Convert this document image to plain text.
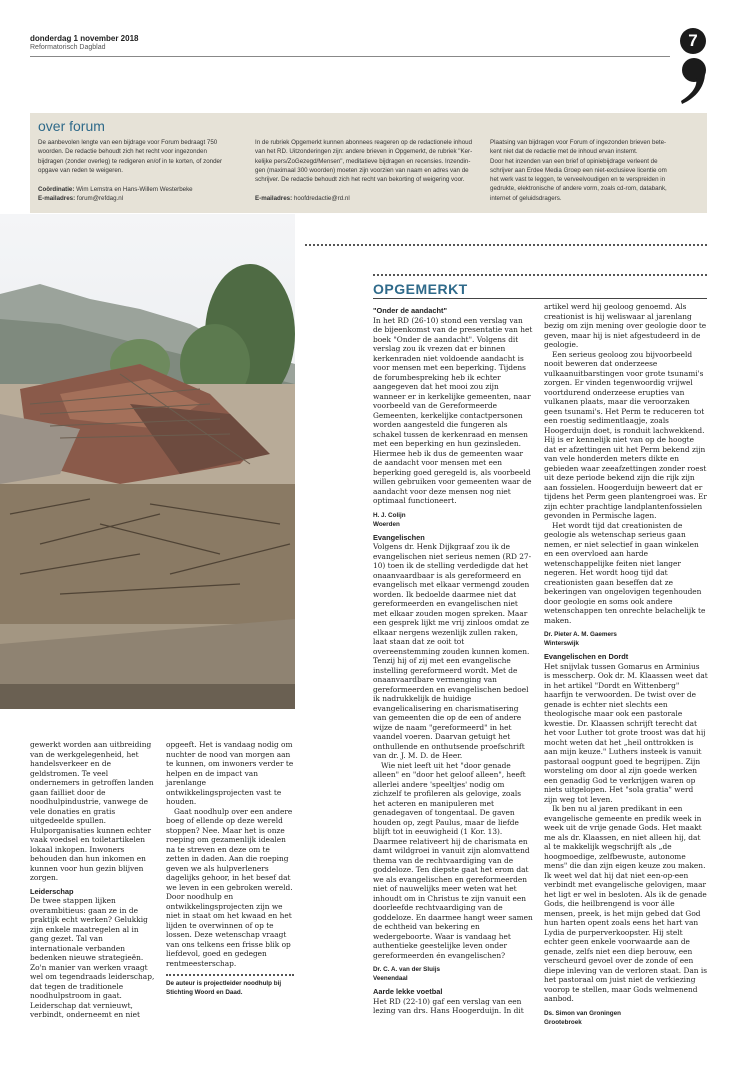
donderdag 1 november 2018
Reformatorisch Dagblad	7
over forum
De aanbevolen lengte van een bijdrage voor Forum bedraagt 750
woorden. De redactie behoudt zich het recht voor ingezonden
bijdragen (zonder overleg) te redigeren en/of in te korten, of zonder
opgave van reden te weigeren.
Coördinatie: Wim Lemstra en Hans-Willem Westerbeke
E-mailadres: forum@refdag.nl
In de rubriek Opgemerkt kunnen abonnees reageren op de redactionele inhoud
van het RD. Uitzonderingen zijn: andere brieven in Opgemerkt, de rubriek "Ker-
kelijke pers/ZoGezegd/Mensen", meditatieve bijdragen en recensies. Inzendin-
gen (maximaal 300 woorden) moeten zijn voorzien van naam en adres van de
schrijver. De redactie behoudt zich het recht van bekorting of weigering voor.
E-mailadres: hoofdredactie@rd.nl
Plaatsing van bijdragen voor Forum of ingezonden brieven bete-
kent niet dat de redactie met de inhoud ervan instemt.
Door het inzenden van een brief of opiniebijdrage verleent de
schrijver aan Erdee Media Groep een niet-exclusieve licentie om
het werk vast te leggen, te verveelvoudigen en te verspreiden in
gedrukte, elektronische of andere vorm, zoals cd-rom, databank,
internet of geluidsdragers.
OPGEMERKT

gewerkt worden aan uitbreiding van de werkgelegenheid, het handelsverkeer en de geldstromen. Te veel ondernemers in getroffen landen gaan failliet door de noodhulpindustrie, vanwege de vele donaties en gratis uitgedeelde spullen. Hulporganisaties kunnen echter vaak voedsel en toiletartikelen lokaal inkopen. Inwoners behouden dan hun inkomen en kunnen voor hun gezin blijven zorgen.

Leiderschap

De twee stappen lijken overambitieus: gaan ze in de praktijk echt werken? Gelukkig zijn enkele maatregelen al in gang gezet. Tal van internationale verbanden bedenken nieuwe strategieën. Zo'n manier van werken vraagt wel om tegendraads leiderschap, dat tegen de traditionele noodhulpstroom in gaat. Leiderschap dat vernieuwt, verbindt, onderneemt en niet

opgeeft. Het is vandaag nodig om nuchter de nood van morgen aan te kunnen, om inwoners verder te helpen en de impact van jarenlange ontwikkelingsprojecten vast te houden.

Gaat noodhulp over een andere boeg of ellende op deze wereld stoppen? Nee. Maar het is onze roeping om gezamenlijk idealen na te streven en deze om te zetten in daden. Aan die roeping geven we als hulpverleners dagelijks gehoor, in het besef dat we leven in een gebroken wereld. Door noodhulp en ontwikkelingsprojecten zijn we niet in staat om het kwaad en het lijden te overwinnen of op te lossen. Deze wetenschap vraagt van ons telkens een frisse blik op liefdevol, goed en gedegen rentmeesterschap.

De auteur is projectleider noodhulp bij Stichting Woord en Daad.
"Onder de aandacht"

In het RD (26-10) stond een verslag van de bijeenkomst van de presentatie van het boek "Onder de aandacht". Volgens dit verslag zou ik vrezen dat er binnen kerkenraden niet voldoende aandacht is voor mensen met een beperking. Tijdens de forumbespreking heb ik echter aangegeven dat het mooi zou zijn wanneer er in kerkelijke gemeenten, naar voorbeeld van de Gereformeerde Gemeenten, kerkelijke contactpersonen worden aangesteld die fungeren als schakel tussen de kerkenraad en mensen met een beperking en hun gezinsleden. Hiermee heb ik dus de gemeenten waar de aandacht voor mensen met een beperking goed geregeld is, als voorbeeld willen gebruiken voor gemeenten waar de aandacht voor deze mensen nog niet optimaal functioneert.

H. J. Colijn
Woerden
Evangelischen

Volgens dr. Henk Dijkgraaf zou ik de evangelischen niet serieus nemen (RD 27-10) toen ik de stelling verdedigde dat het onaanvaardbaar is als gereformeerd en evangelisch met elkaar vermengd zouden worden. Ik bedoelde daarmee niet dat gereformeerden en evangelischen niet met elkaar zouden mogen spreken. Maar een gesprek lijkt me vrij zinloos omdat ze elkaar nergens wezenlijk zullen raken, laat staan dat ze ooit tot overeenstemming zouden kunnen komen. Tenzij hij of zij met een evangelische instelling gereformeerd wordt. Met de onaanvaardbare vermenging van gereformeerden en evangelischen bedoel ik nadrukkelijk de huidige evangelicalisering en charismatisering van gemeenten die op de een of andere wijze de naam "gereformeerd" in het vaandel voeren. Daarvan getuigt het onthullende en onthutsende proefschrift van dr. J. M. D. de Heer.

Wie niet leeft uit het "door genade alleen" en "door het geloof alleen", heeft allerlei andere 'speeltjes' nodig om zichzelf te profileren als gelovige, zoals het acteren en manipuleren met genadegaven of tongentaal. De gaven houden op, zegt Paulus, maar de liefde blijft tot in eeuwigheid (1 Kor. 13). Daarmee relativeert hij de charismata en damt wildgroei in vanuit zijn alomvattend thema van de rechtvaardiging van de goddeloze. Ten diepste gaat het erom dat we als evangelischen en gereformeerden niet of nauwelijks meer weten wat het inhoudt om in Christus te zijn vanuit een doorleefde rechtvaardiging van de goddeloze. En daarmee hangt weer samen de echtheid van bekering en wedergeboorte. Waar is vandaag het authentieke geestelijke leven onder gereformeerden én evangelischen?

Dr. C. A. van der Sluijs
Veenendaal
Aarde lekke voetbal

Het RD (22-10) gaf een verslag van een lezing van drs. Hans Hoogerduijn. In dit

artikel werd hij geoloog genoemd. Als creationist is hij weliswaar al jarenlang bezig om zijn mening over geologie door te geven, maar hij is niet afgestudeerd in de geologie.

Een serieus geoloog zou bijvoorbeeld nooit beweren dat onderzeese vulkaanuitbarstingen voor grote tsunami's zorgen. Er vinden tegenwoordig vrijwel voortdurend onderzeese erupties van vulkanen plaats, maar die veroorzaken geen tsunami's. Het Perm te reduceren tot een roestig sedimentlaagje, zoals Hoogerduijn doet, is ronduit lachwekkend. Hij is er kennelijk niet van op de hoogte dat er afzettingen uit het Perm bekend zijn van vele honderden meters dikte en gebieden waar zeeafzettingen zonder roest uit deze periode bekend zijn die rijk zijn aan fossielen. Hoogerduijn beweert dat er tijdens het Perm geen plantengroei was. Er zijn echter prachtige landplantenfossielen gevonden in Permische lagen.

Het wordt tijd dat creationisten de geologie als wetenschap serieus gaan nemen, er niet selectief in gaan winkelen en een overvloed aan harde wetenschappelijke feiten niet langer negeren. Het wordt hoog tijd dat creationisten gaan beseffen dat ze bekeringen van ongelovigen tegenhouden door geologie en soms ook andere wetenschappen ten onrechte belachelijk te maken.

Dr. Pieter A. M. Gaemers
Winterswijk
Evangelischen en Dordt

Het snijvlak tussen Gomarus en Arminius is messcherp. Ook dr. M. Klaassen weet dat in het artikel "Dordt en Wittenberg" haarfijn te verwoorden. De twist over de genade is echter niet slechts een theologische maar ook een pastorale kwestie. Dr. Klaassen schrijft terecht dat het voor Luther tot grote troost was dat hij mocht weten dat het „heil onttrokken is aan mijn keuze." Luthers insteek is vanuit pastoraal oogpunt goed te begrijpen. Zijn worsteling om door al zijn goede werken een genadig God te verkrijgen waren op niets uitgelopen. Het "sola gratia" werd zijn weg tot leven.

Ik ben nu al jaren predikant in een evangelische gemeente en predik week in week uit de vrije genade Gods. Het maakt me als dr. Klaassen, en niet alleen hij, dat al te makkelijk wegschrijft als „de hoogmoedige, zelfbewuste, autonome mens" die dan zijn eigen keuze zou maken. Ik weet wel dat hij dat niet een-op-een verbindt met evangelische gelovigen, maar het ligt er wel in besloten. Als ik de genade Gods, die heilbrengend is voor álle mensen, preek, is het mijn gebed dat God hun harten opent zoals eens het hart van Lydia de purperverkoopster. Hij stelt echter geen enkele voorwaarde aan de genade, zelfs niet een diep berouw, een verscheurd gevoel over de zonde of een diepe inleving van de verloren staat. Dan is het pastoraal om juist niet de verkiezing voorop te stellen, maar Gods welmenend aanbod.

Ds. Simon van Groningen
Grootebroek
